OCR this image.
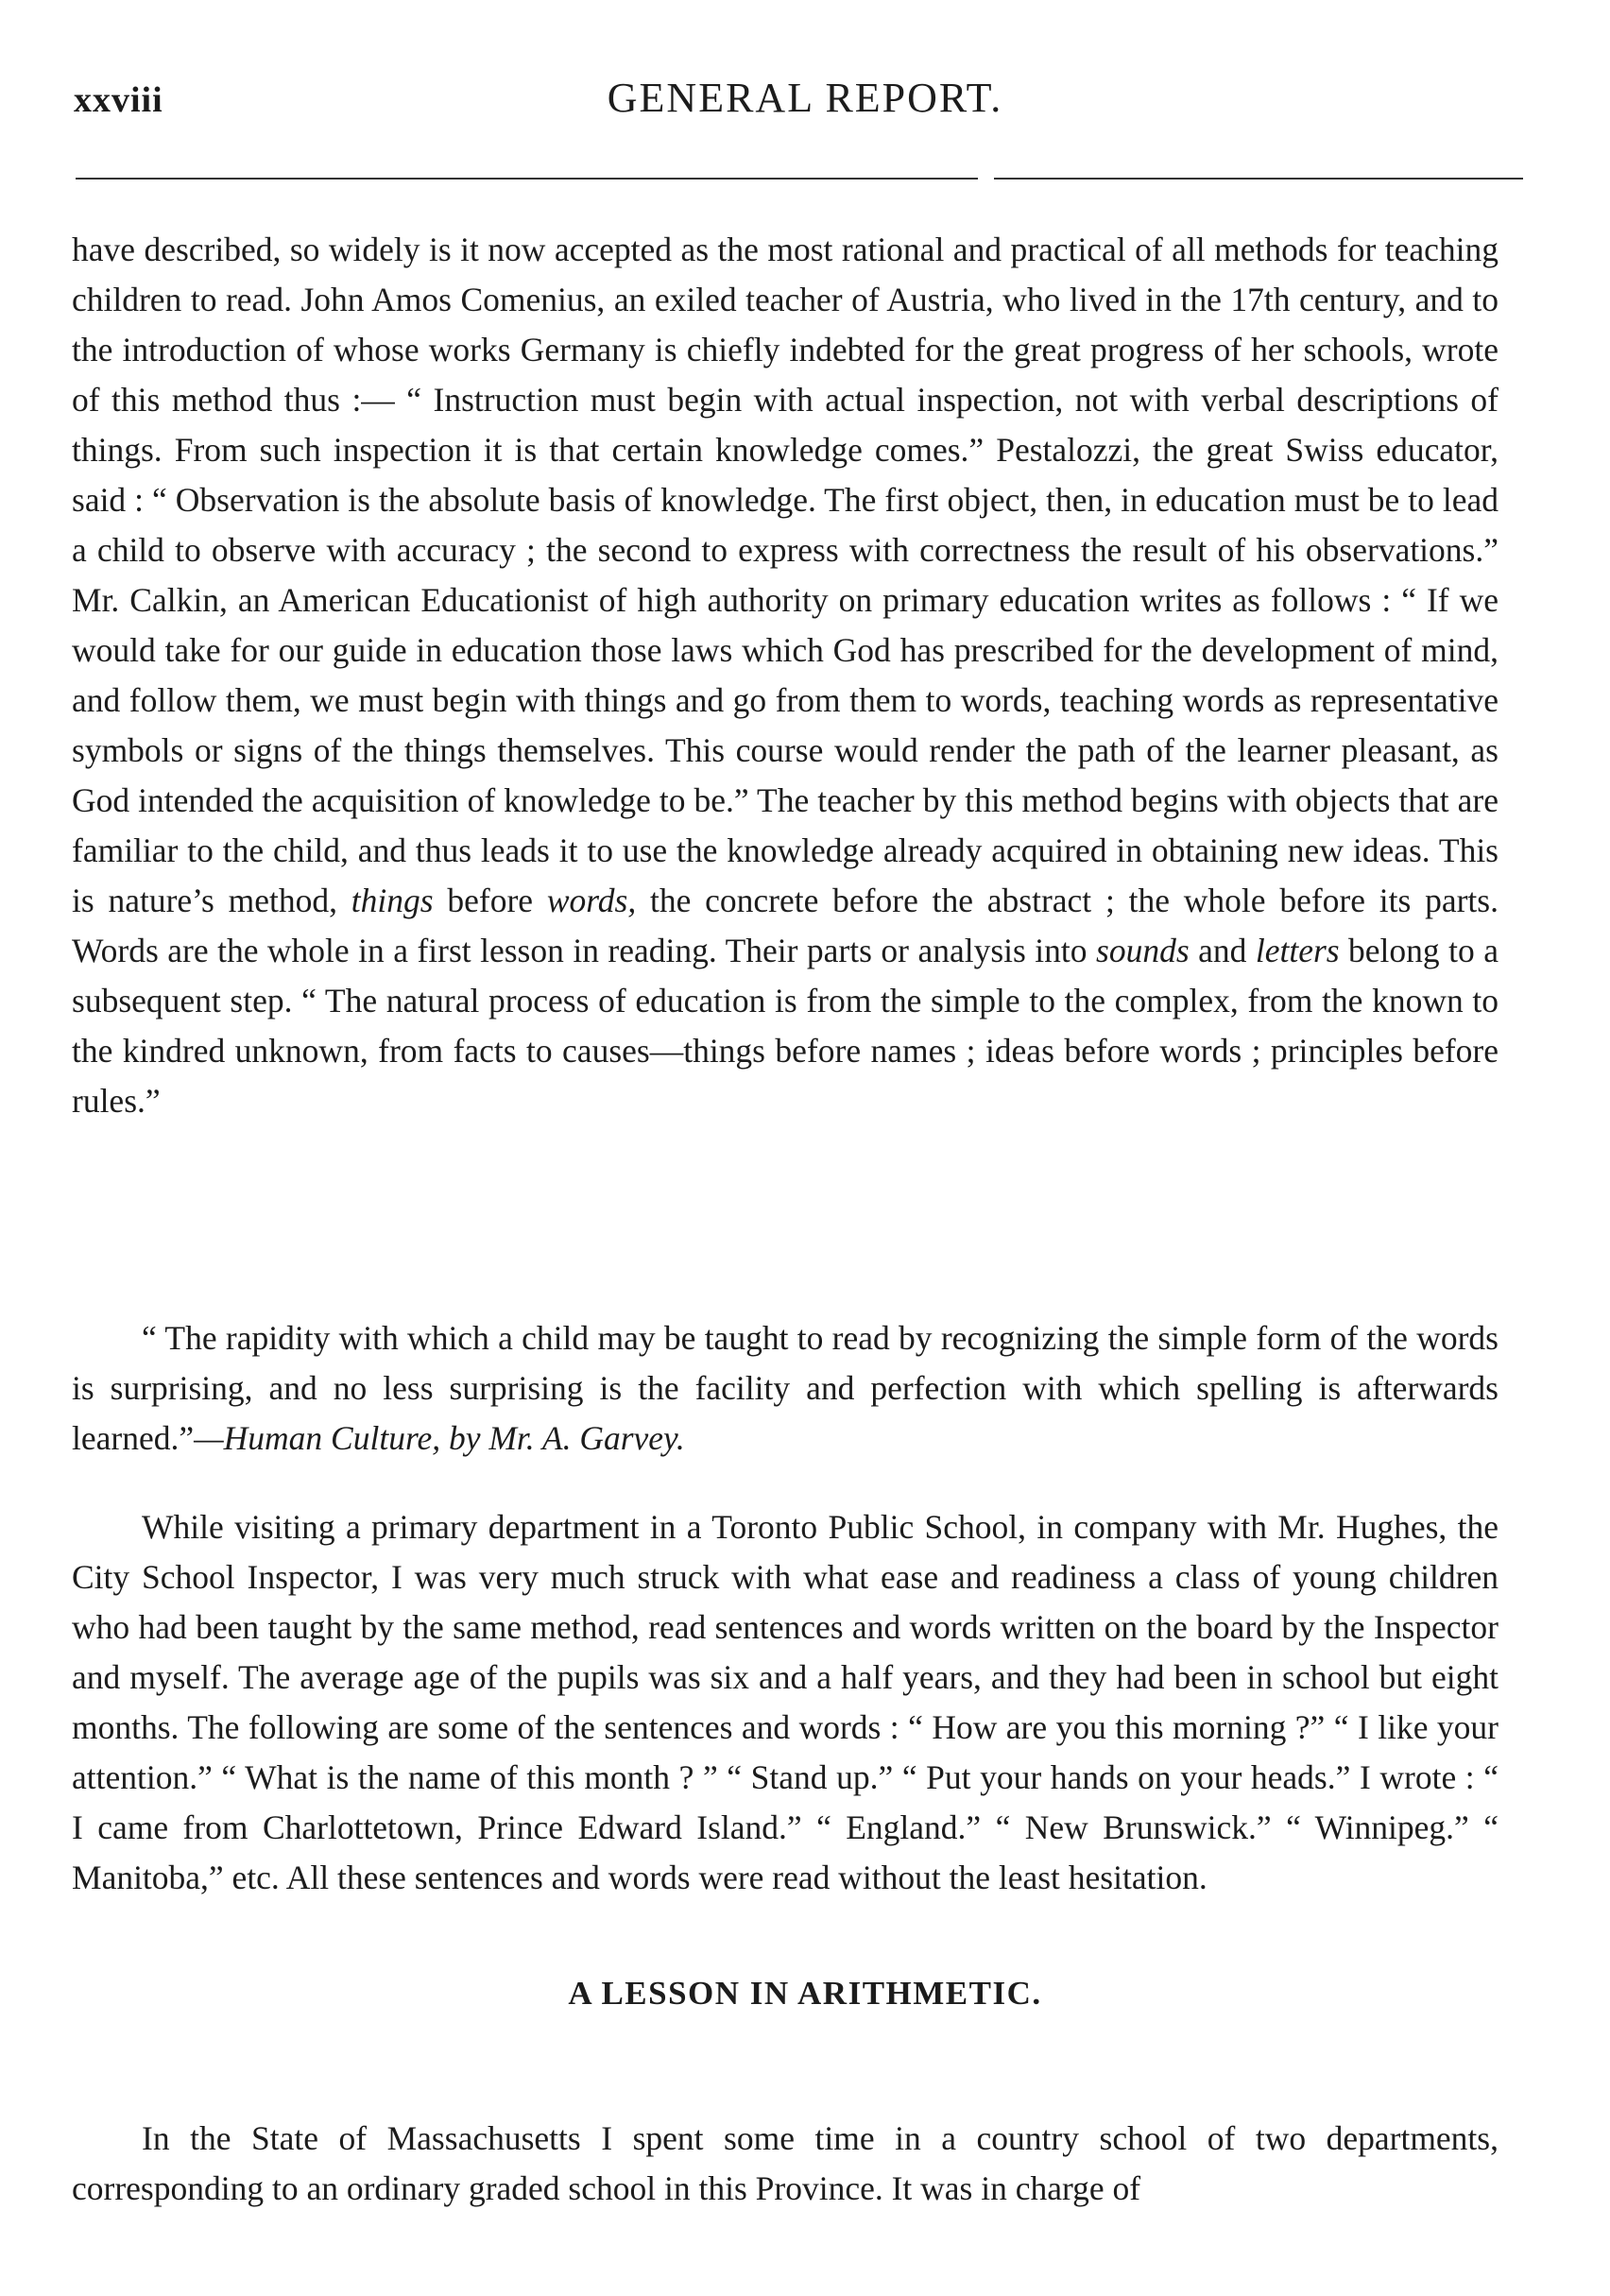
xxviii	GENERAL REPORT.

have described, so widely is it now accepted as the most rational and practical of all methods for teaching children to read. John Amos Comenius, an exiled teacher of Austria, who lived in the 17th century, and to the introduction of whose works Germany is chiefly indebted for the great progress of her schools, wrote of this method thus :— “ Instruction must begin with actual inspection, not with verbal descriptions of things. From such inspection it is that certain knowledge comes.” Pestalozzi, the great Swiss educator, said : “ Observation is the absolute basis of knowledge. The first object, then, in education must be to lead a child to observe with accuracy ; the second to express with correctness the result of his observations.” Mr. Calkin, an American Educationist of high authority on primary education writes as follows : “ If we would take for our guide in education those laws which God has prescribed for the development of mind, and follow them, we must begin with things and go from them to words, teaching words as representative symbols or signs of the things themselves. This course would render the path of the learner pleasant, as God intended the acquisition of knowledge to be.” The teacher by this method begins with objects that are familiar to the child, and thus leads it to use the knowledge already acquired in obtaining new ideas. This is nature’s method, things before words, the concrete before the abstract ; the whole before its parts. Words are the whole in a first lesson in reading. Their parts or analysis into sounds and letters belong to a subsequent step. “ The natural process of education is from the simple to the complex, from the known to the kindred unknown, from facts to causes—things before names ; ideas before words ; principles before rules.”

“ The rapidity with which a child may be taught to read by recognizing the simple form of the words is surprising, and no less surprising is the facility and perfection with which spelling is afterwards learned.”—Human Culture, by Mr. A. Garvey.

While visiting a primary department in a Toronto Public School, in company with Mr. Hughes, the City School Inspector, I was very much struck with what ease and readiness a class of young children who had been taught by the same method, read sentences and words written on the board by the Inspector and myself. The average age of the pupils was six and a half years, and they had been in school but eight months. The following are some of the sentences and words : “ How are you this morning ?” “ I like your attention.” “ What is the name of this month ? ” “ Stand up.” “ Put your hands on your heads.” I wrote : “ I came from Charlottetown, Prince Edward Island.” “ England.” “ New Brunswick.” “ Winnipeg.” “ Manitoba,” etc. All these sentences and words were read without the least hesitation.

A LESSON IN ARITHMETIC.

In the State of Massachusetts I spent some time in a country school of two departments, corresponding to an ordinary graded school in this Province. It was in charge of
